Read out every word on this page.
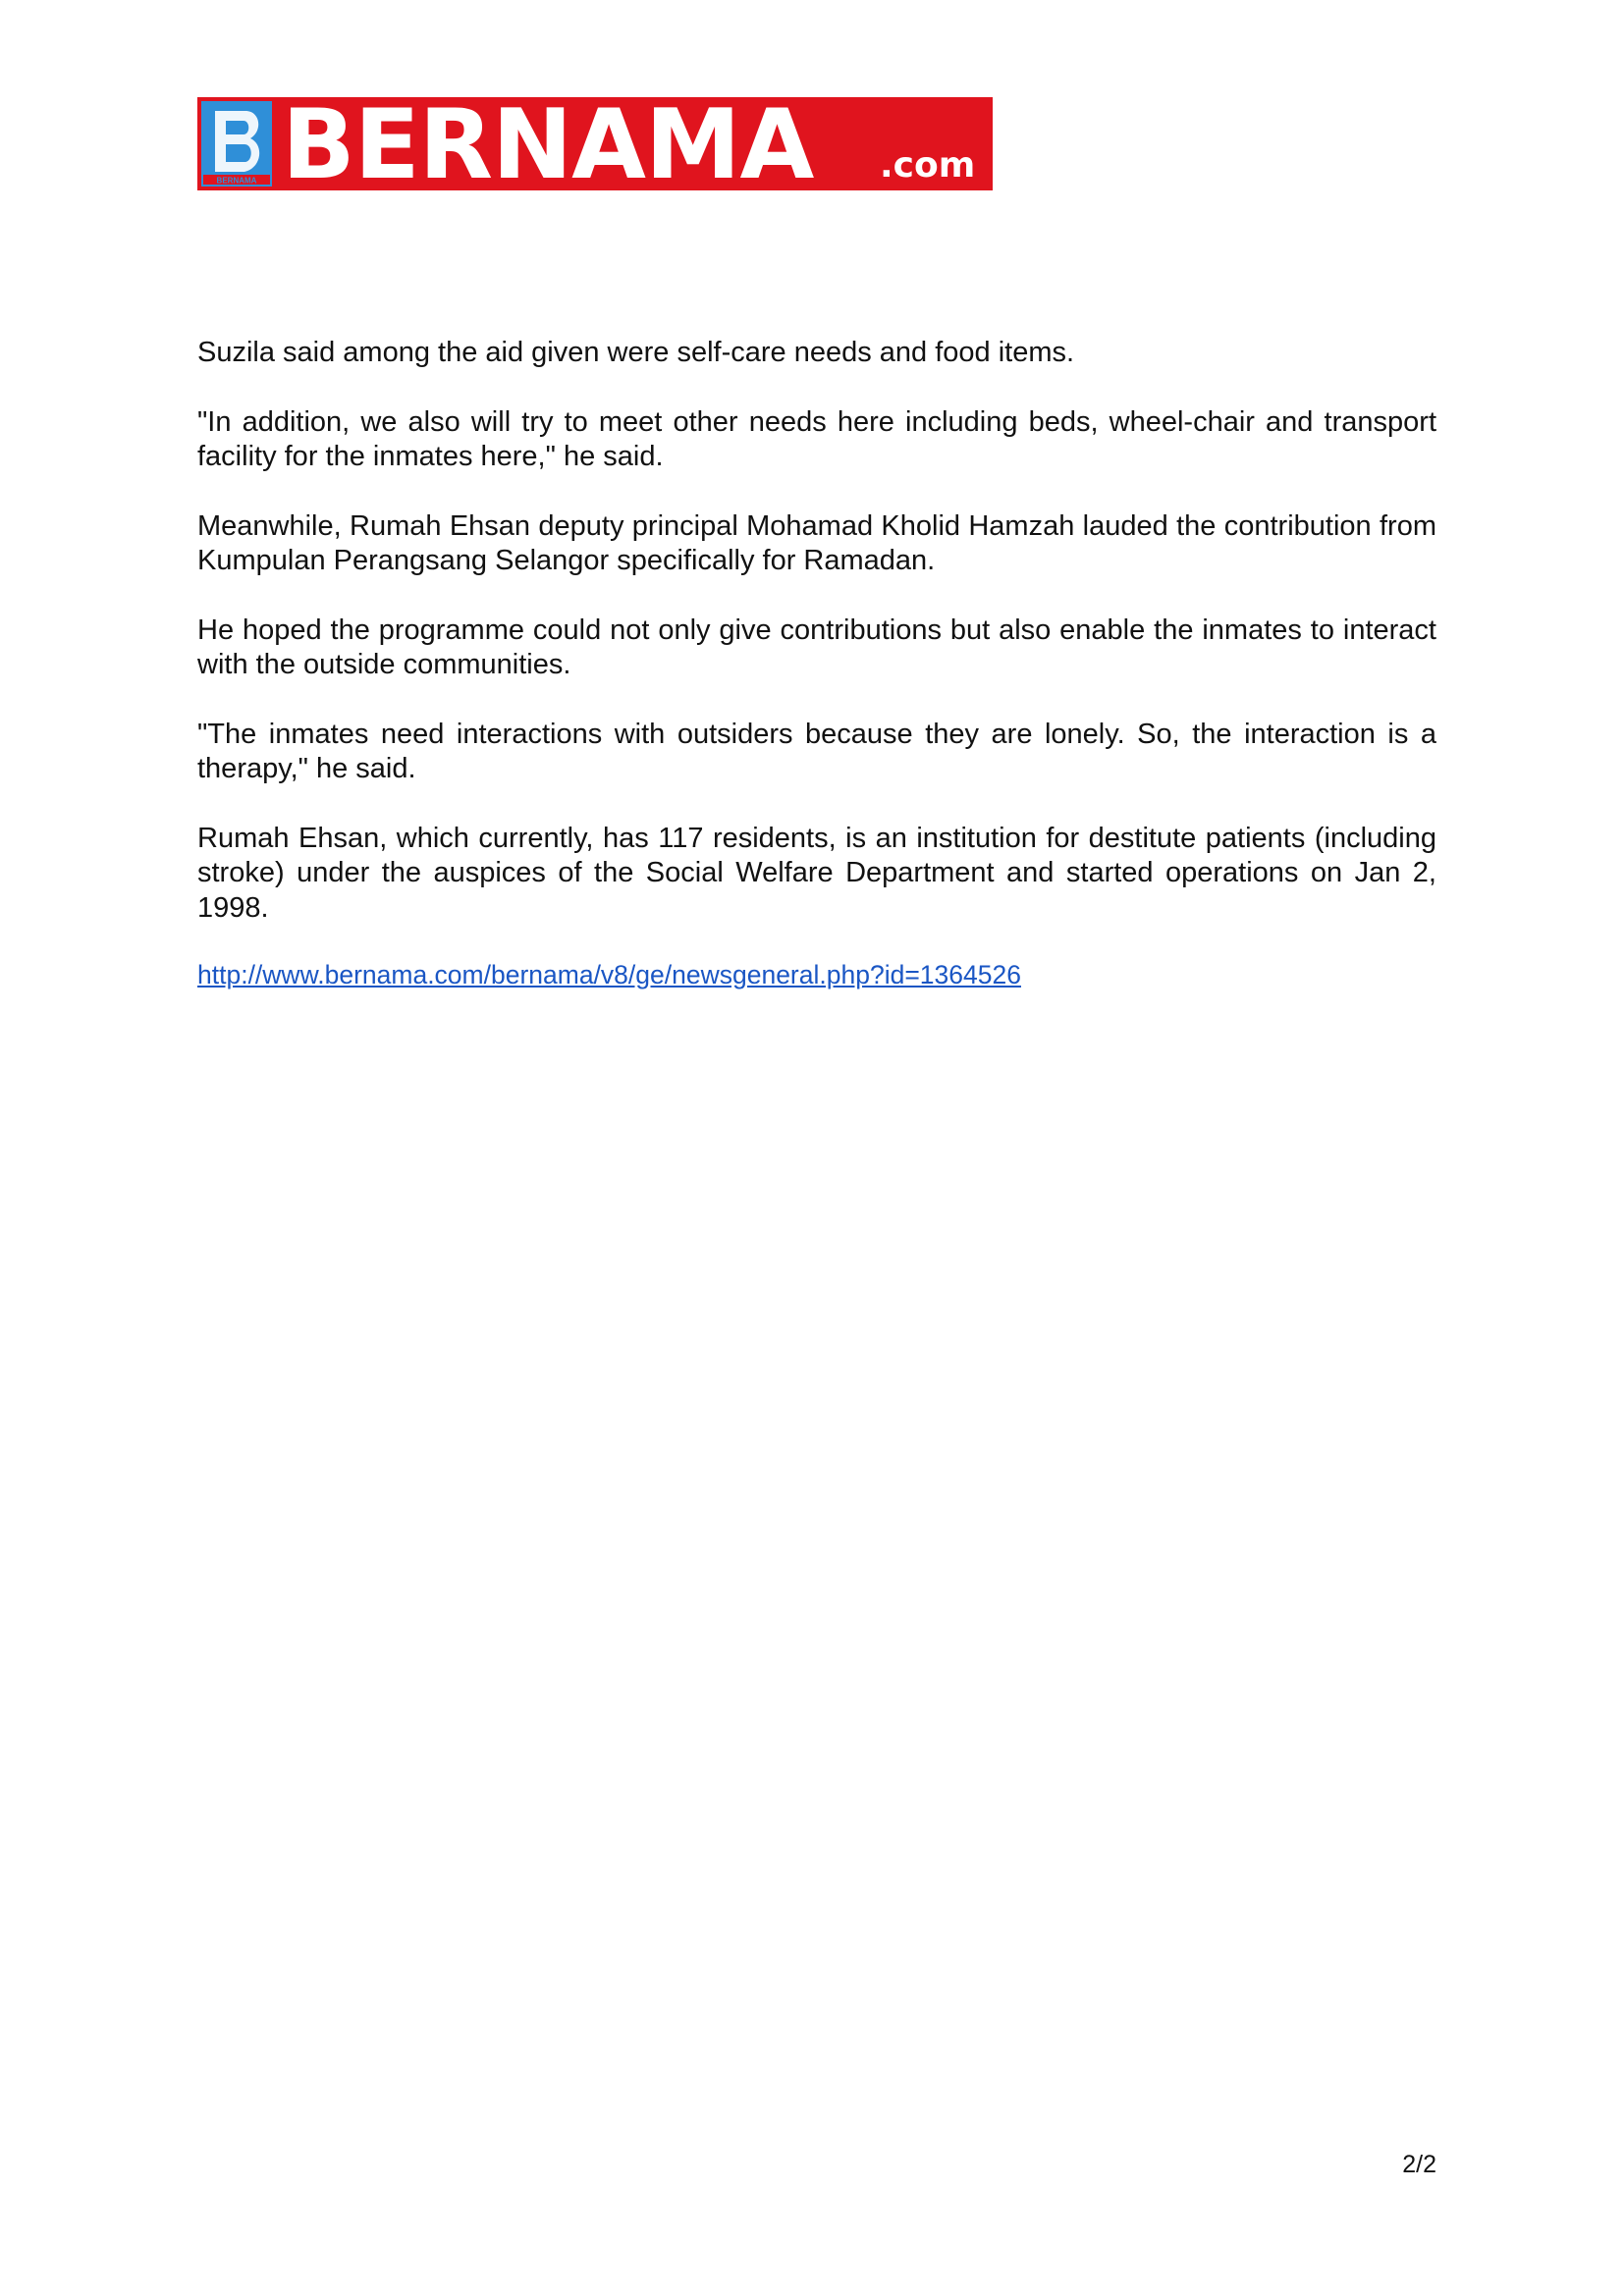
BERNAMA BERNAMA .com

Suzila said among the aid given were self-care needs and food items.

"In addition, we also will try to meet other needs here including beds, wheel-chair and transport facility for the inmates here," he said.

Meanwhile, Rumah Ehsan deputy principal Mohamad Kholid Hamzah lauded the contribution from Kumpulan Perangsang Selangor specifically for Ramadan.

He hoped the programme could not only give contributions but also enable the inmates to interact with the outside communities.

"The inmates need interactions with outsiders because they are lonely. So, the interaction is a therapy," he said.

Rumah Ehsan, which currently, has 117 residents, is an institution for destitute patients (including stroke) under the auspices of the Social Welfare Department and started operations on Jan 2, 1998.

http://www.bernama.com/bernama/v8/ge/newsgeneral.php?id=1364526
2/2
